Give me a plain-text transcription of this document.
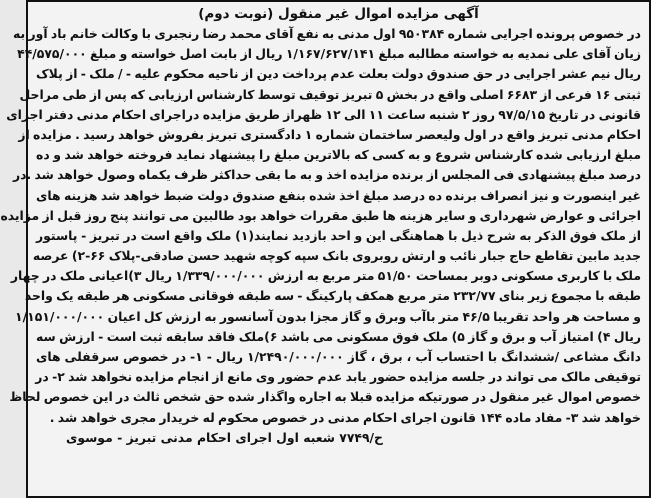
آگهی مزایده اموال غیر منقول (نوبت دوم)
در خصوص پرونده اجرایی شماره ۹۵۰۳۸۴ اول مدنی به نفع آقای محمد رضا رنجبری با وکالت خانم باد آور به
زیان آقای علی نمدیه به خواسته مطالبه مبلغ ۱/۱۶۷/۶۲۷/۱۴۱ ریال از بابت اصل خواسته و مبلغ ۴۴/۵۷۵/۰۰۰
ریال نیم عشر اجرایی در حق صندوق دولت بعلت عدم پرداخت دین از ناحیه محکوم علیه - / ملک - از پلاک
ثبتی ۱۶ فرعی از ۶۶۸۳ اصلی واقع در بخش ۵ تبریز توقیف توسط کارشناس ارزیابی که پس از طی مراحل
قانونی در تاریخ ۹۷/۵/۱۵ روز ۲ شنبه ساعت ۱۱ الی ۱۲ ظهراز طریق مزایده دراجرای احکام مدنی دفتر اجرای
احکام مدنی تبریز واقع در اول ولیعصر ساختمان شماره ۱ دادگستری تبریز بفروش خواهد رسید . مزایده از
مبلغ ارزیابی شده کارشناس شروع و به کسی که بالاترین مبلغ را پیشنهاد نماید فروخته خواهد شد و ده
درصد مبلغ پیشنهادی فی المجلس از برنده مزایده اخذ و به ما بقی حداکثر ظرف یکماه وصول خواهد شد .در
غیر اینصورت و نیز انصراف برنده ده درصد مبلغ اخذ شده بنفع صندوق دولت ضبط خواهد شد هزینه های
اجرائی و عوارض شهرداری و سایر هزینه ها طبق مقررات خواهد بود طالبین می توانند پنج روز قبل از مزایده
از ملک فوق الذکر به شرح ذیل با هماهنگی این و احد بازدید نمایند(۱) ملک واقع است در تبریز - پاستور
جدید مابین تقاطع حاج جبار نائب و ارتش روبروی بانک سپه کوچه شهید حسن صادقی-پلاک ۶۶-۲) عرصه
ملک با کاربری مسکونی دوبر بمساحت ۵۱/۵۰ متر مربع به ارزش ۱/۳۳۹/۰۰۰/۰۰۰ ریال ۳)اعیانی ملک در چهار
طبقه با مجموع زیر بنای ۲۳۲/۷۷ متر مربع همکف پارکینگ - سه طبقه فوقانی مسکونی هر طبقه یک واحد
و مساحت هر واحد تقریبا ۴۶/۵ متر باآب وبرق و گاز مجزا بدون آسانسور به ارزش کل اعیان ۱/۱۵۱/۰۰۰/۰۰۰
ریال ۴) امتیاز آب و برق و گاز ۵) ملک فوق مسکونی می باشد ۶)ملک فاقد سابقه ثبت است - ارزش سه
دانگ مشاعی /ششدانگ با احتساب آب ، برق ، گاز ۱/۲۴۹۰/۰۰۰/۰۰۰ ریال - ۱- در خصوص سرقفلی های
توقیفی مالک می تواند در جلسه مزایده حضور یابد عدم حضور وی مانع از انجام مزایده نخواهد شد ۲- در
خصوص اموال غیر منقول در صورتیکه مزایده قبلا به اجاره واگذار شده حق شخص ثالث در این خصوص لحاظ
خواهد شد ۳- مفاد ماده ۱۴۴ قانون اجرای احکام مدنی در خصوص محکوم له خریدار مجری خواهد شد .
ح/۷۷۴۹ شعبه اول اجرای احکام مدنی تبریز - موسوی
